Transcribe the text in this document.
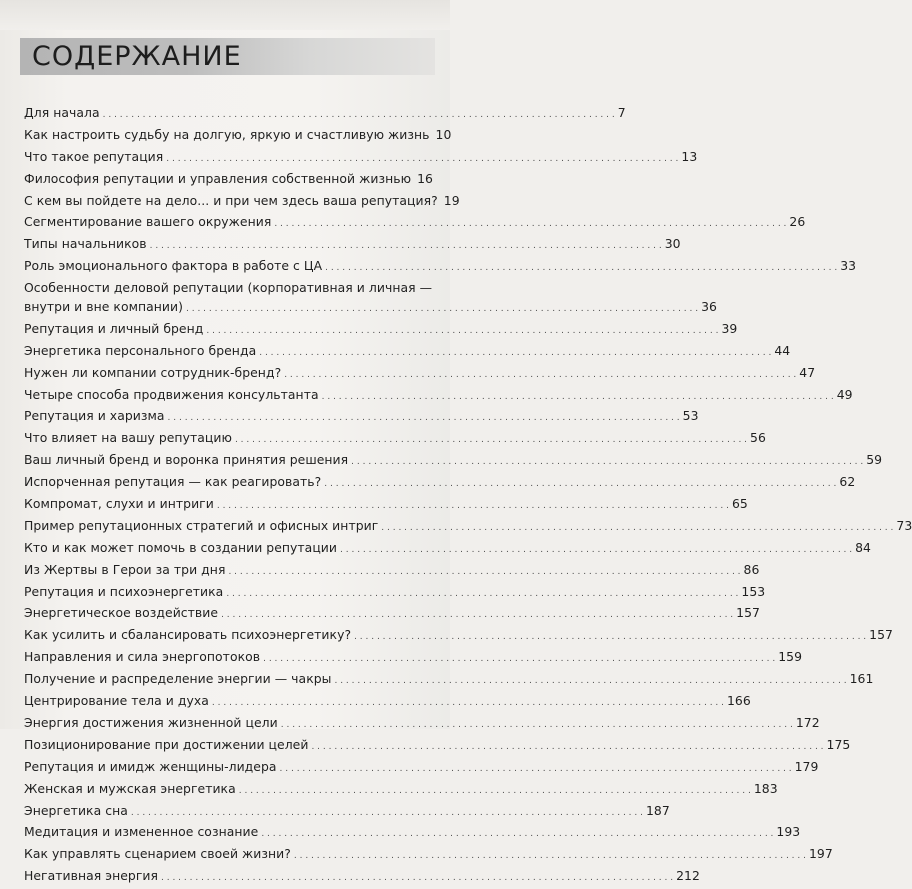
СОДЕРЖАНИЕ
Для начала . . .	7
Как настроить судьбу на долгую, яркую и счастливую жизнь 10
Что такое репутация . . .	13
Философия репутации и управления собственной жизнью 16
С кем вы пойдете на дело... и при чем здесь ваша репутация? 19
Сегментирование вашего окружения . . .	26
Типы начальников . . .	30
Роль эмоционального фактора в работе с ЦА . . .	33
Особенности деловой репутации (корпоративная и личная —
внутри и вне компании) . . .	36
Репутация и личный бренд . . .	39
Энергетика персонального бренда . . .	44
Нужен ли компании сотрудник-бренд? . . .	47
Четыре способа продвижения консультанта . . .	49
Репутация и харизма . . .	53
Что влияет на вашу репутацию . . .	56
Ваш личный бренд и воронка принятия решения . . .	59
Испорченная репутация — как реагировать? . . .	62
Компромат, слухи и интриги . . .	65
Пример репутационных стратегий и офисных интриг . . .	73
Кто и как может помочь в создании репутации . . .	84
Из Жертвы в Герои за три дня . . .	86
Репутация и психоэнергетика . . .	153
Энергетическое воздействие . . .	157
Как усилить и сбалансировать психоэнергетику? . . .	157
Направления и сила энергопотоков . . .	159
Получение и распределение энергии — чакры . . .	161
Центрирование тела и духа . . .	166
Энергия достижения жизненной цели . . .	172
Позиционирование при достижении целей . . .	175
Репутация и имидж женщины-лидера . . .	179
Женская и мужская энергетика . . .	183
Энергетика сна . . .	187
Медитация и измененное сознание . . .	193
Как управлять сценарием своей жизни? . . .	197
Негативная энергия . . .	212
